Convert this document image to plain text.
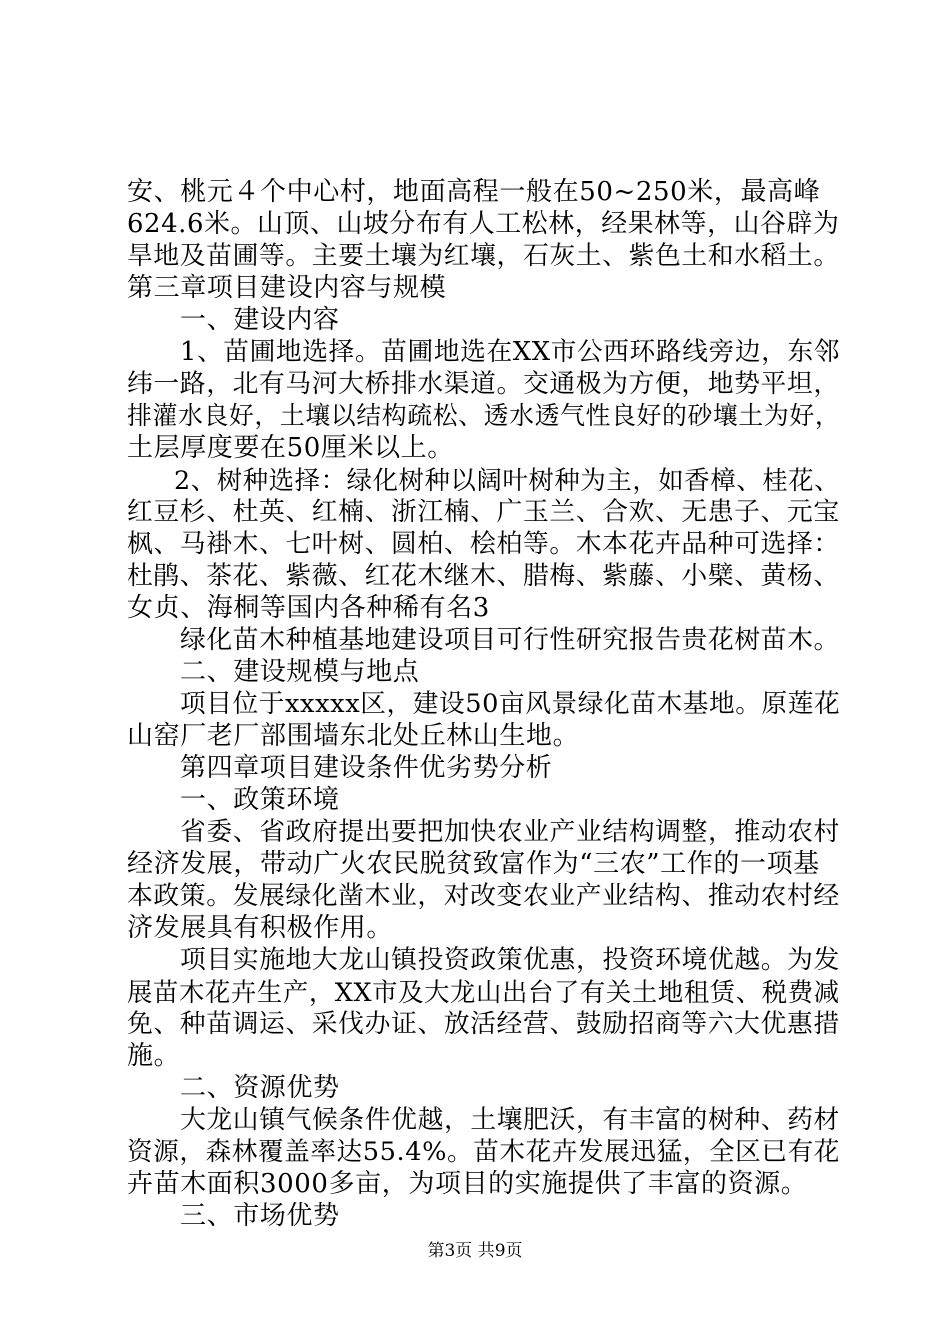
安、桃元４个中心村，地面高程一般在50~250米，最高峰
624.6米。山顶、山坡分布有人工松林，经果林等，山谷辟为
旱地及苗圃等。主要土壤为红壤，石灰土、紫色土和水稻土。
第三章项目建设内容与规模
一、建设内容
1、苗圃地选择。苗圃地选在XX市公西环路线旁边，东邻
纬一路，北有马河大桥排水渠道。交通极为方便，地势平坦，
排灌水良好，土壤以结构疏松、透水透气性良好的砂壤土为好，
土层厚度要在50厘米以上。
2、树种选择：绿化树种以阔叶树种为主，如香樟、桂花、
红豆杉、杜英、红楠、浙江楠、广玉兰、合欢、无患子、元宝
枫、马褂木、七叶树、圆柏、桧柏等。木本花卉品种可选择：
杜鹃、茶花、紫薇、红花木继木、腊梅、紫藤、小檗、黄杨、
女贞、海桐等国内各种稀有名3
绿化苗木种植基地建设项目可行性研究报告贵花树苗木。
二、建设规模与地点
项目位于xxxxx区，建设50亩风景绿化苗木基地。原莲花
山窑厂老厂部围墙东北处丘林山生地。
第四章项目建设条件优劣势分析
一、政策环境
省委、省政府提出要把加快农业产业结构调整，推动农村
经济发展，带动广火农民脱贫致富作为“三农”工作的一项基
本政策。发展绿化凿木业，对改变农业产业结构、推动农村经
济发展具有积极作用。
项目实施地大龙山镇投资政策优惠，投资环境优越。为发
展苗木花卉生产，XX市及大龙山出台了有关土地租赁、税费减
免、种苗调运、采伐办证、放活经营、鼓励招商等六大优惠措
施。
二、资源优势
大龙山镇气候条件优越，土壤肥沃，有丰富的树种、药材
资源，森林覆盖率达55.4%。苗木花卉发展迅猛，全区已有花
卉苗木面积3000多亩，为项目的实施提供了丰富的资源。
三、市场优势
第3页 共9页
